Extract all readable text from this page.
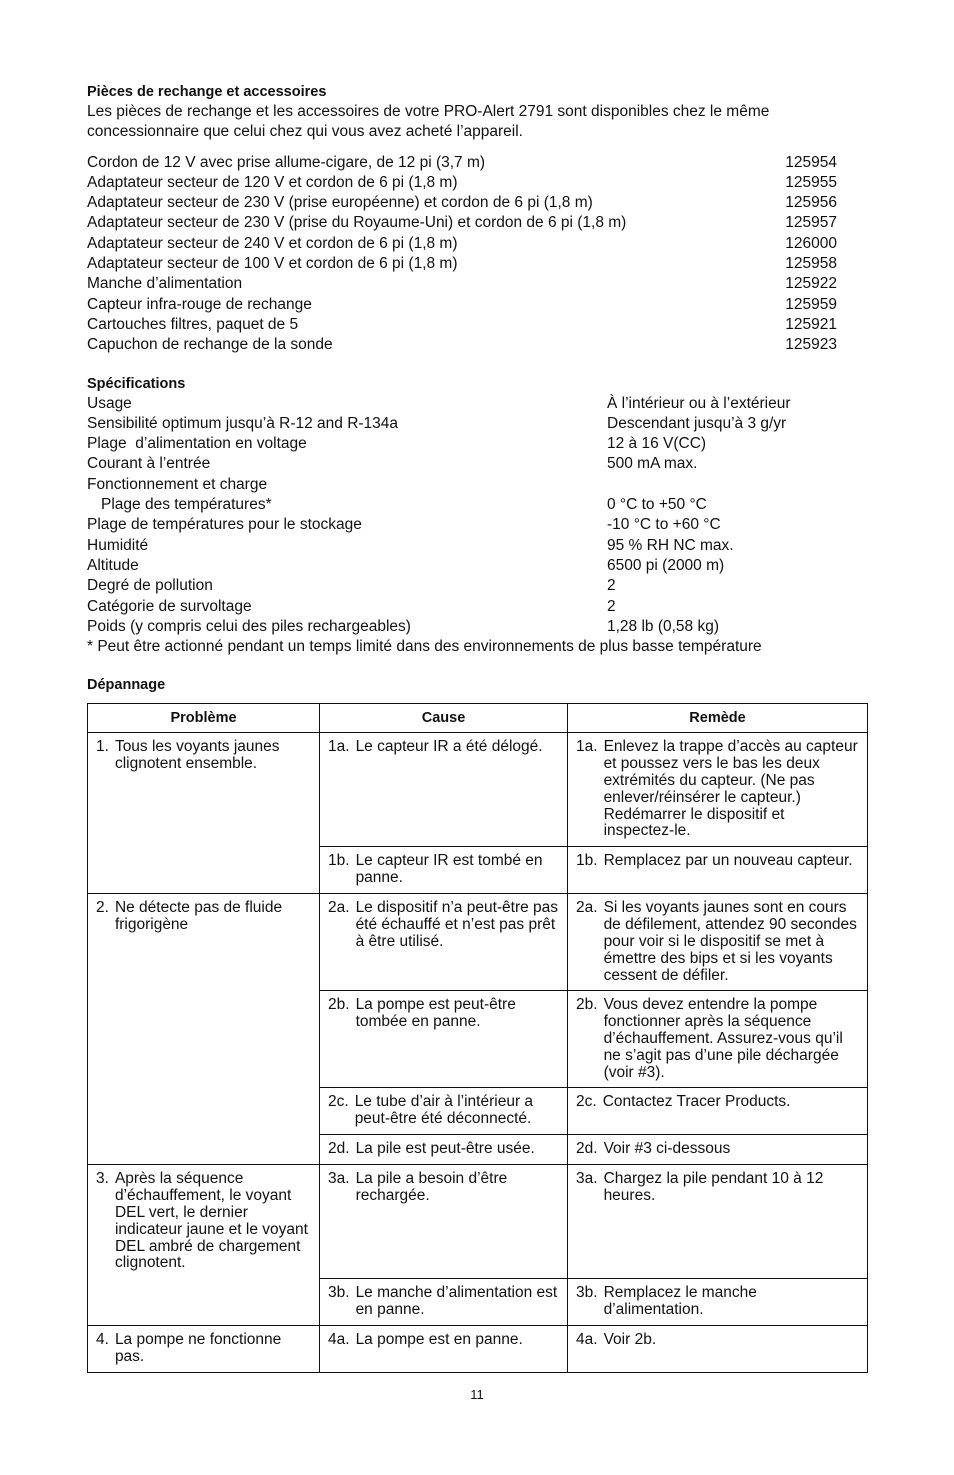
Pièces de rechange et accessoires
Les pièces de rechange et les accessoires de votre PRO-Alert 2791 sont disponibles chez le même
concessionnaire que celui chez qui vous avez acheté l’appareil.
Cordon de 12 V avec prise allume-cigare, de 12 pi (3,7 m)	125954
Adaptateur secteur de 120 V et cordon de 6 pi (1,8 m)	125955
Adaptateur secteur de 230 V (prise européenne) et cordon de 6 pi (1,8 m)	125956
Adaptateur secteur de 230 V (prise du Royaume-Uni) et cordon de 6 pi (1,8 m)	125957
Adaptateur secteur de 240 V et cordon de 6 pi (1,8 m)	126000
Adaptateur secteur de 100 V et cordon de 6 pi (1,8 m)	125958
Manche d’alimentation	125922
Capteur infra-rouge de rechange	125959
Cartouches filtres, paquet de 5	125921
Capuchon de rechange de la sonde	125923
Spécifications
Usage	À l’intérieur ou à l’extérieur
Sensibilité optimum jusqu’à R-12 and R-134a	Descendant jusqu’à 3 g/yr
Plage  d’alimentation en voltage	12 à 16 V(CC)
Courant à l’entrée	500 mA max.
Fonctionnement et charge
Plage des températures*	0 °C to +50 °C
Plage de températures pour le stockage	-10 °C to +60 °C
Humidité	95 % RH NC max.
Altitude	6500 pi (2000 m)
Degré de pollution	2
Catégorie de survoltage	2
Poids (y compris celui des piles rechargeables)	1,28 lb (0,58 kg)
* Peut être actionné pendant un temps limité dans des environnements de plus basse température
Dépannage
Problème	Cause	Remède

1. Tous les voyants jaunes clignotent ensemble.	1a. Le capteur IR a été délogé.	1a. Enlevez la trappe d’accès au capteur et poussez vers le bas les deux extrémités du capteur. (Ne pas enlever/réinsérer le capteur.) Redémarrer le dispositif et inspectez-le.

	1b. Le capteur IR est tombé en panne.	1b. Remplacez par un nouveau capteur.

2. Ne détecte pas de fluide frigorigène	2a. Le dispositif n’a peut-être pas été échauffé et n’est pas prêt à être utilisé.	2a. Si les voyants jaunes sont en cours de défilement, attendez 90 secondes pour voir si le dispositif se met à émettre des bips et si les voyants cessent de défiler.

	2b. La pompe est peut-être tombée en panne.	2b. Vous devez entendre la pompe fonctionner après la séquence d’échauffement. Assurez-vous qu’il ne s’agit pas d’une pile déchargée (voir #3).

	2c. Le tube d’air à l’intérieur a peut-être été déconnecté.	2c. Contactez Tracer Products.

	2d. La pile est peut-être usée.	2d. Voir #3 ci-dessous

3. Après la séquence d’échauffement, le voyant DEL vert, le dernier indicateur jaune et le voyant DEL ambré de chargement clignotent.	3a. La pile a besoin d’être rechargée.	3a. Chargez la pile pendant 10 à 12 heures.

	3b. Le manche d’alimentation est en panne.	3b. Remplacez le manche d’alimentation.

4. La pompe ne fonctionne pas.	4a. La pompe est en panne.	4a. Voir 2b.
11
